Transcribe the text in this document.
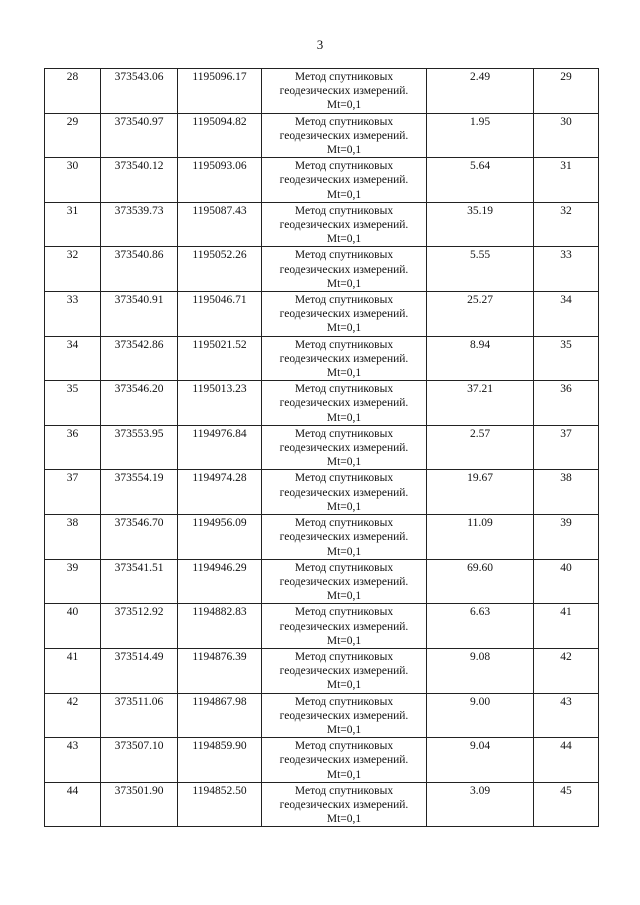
3
28	373543.06	1195096.17	Метод спутниковых
геодезических измерений.
Mt=0,1	2.49	29
29	373540.97	1195094.82	Метод спутниковых
геодезических измерений.
Mt=0,1	1.95	30
30	373540.12	1195093.06	Метод спутниковых
геодезических измерений.
Mt=0,1	5.64	31
31	373539.73	1195087.43	Метод спутниковых
геодезических измерений.
Mt=0,1	35.19	32
32	373540.86	1195052.26	Метод спутниковых
геодезических измерений.
Mt=0,1	5.55	33
33	373540.91	1195046.71	Метод спутниковых
геодезических измерений.
Mt=0,1	25.27	34
34	373542.86	1195021.52	Метод спутниковых
геодезических измерений.
Mt=0,1	8.94	35
35	373546.20	1195013.23	Метод спутниковых
геодезических измерений.
Mt=0,1	37.21	36
36	373553.95	1194976.84	Метод спутниковых
геодезических измерений.
Mt=0,1	2.57	37
37	373554.19	1194974.28	Метод спутниковых
геодезических измерений.
Mt=0,1	19.67	38
38	373546.70	1194956.09	Метод спутниковых
геодезических измерений.
Mt=0,1	11.09	39
39	373541.51	1194946.29	Метод спутниковых
геодезических измерений.
Mt=0,1	69.60	40
40	373512.92	1194882.83	Метод спутниковых
геодезических измерений.
Mt=0,1	6.63	41
41	373514.49	1194876.39	Метод спутниковых
геодезических измерений.
Mt=0,1	9.08	42
42	373511.06	1194867.98	Метод спутниковых
геодезических измерений.
Mt=0,1	9.00	43
43	373507.10	1194859.90	Метод спутниковых
геодезических измерений.
Mt=0,1	9.04	44
44	373501.90	1194852.50	Метод спутниковых
геодезических измерений.
Mt=0,1	3.09	45
